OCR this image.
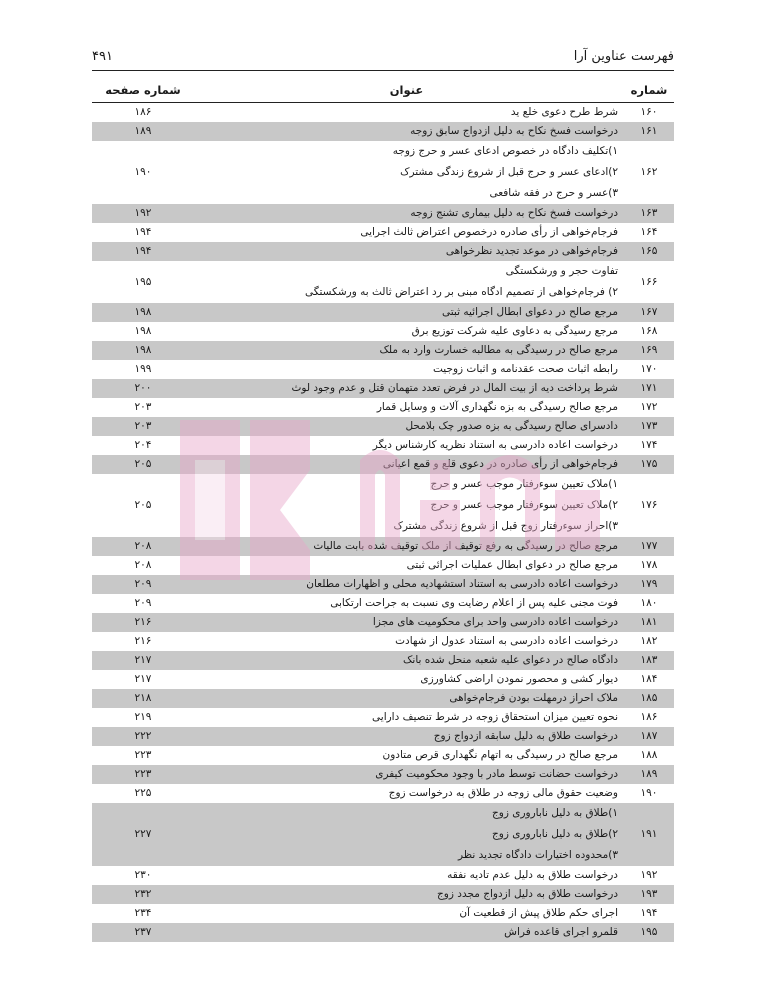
فهرست عناوین آرا
۴۹۱
شماره	عنوان	شماره صفحه
۱۶۰	شرط طرح دعوی خلع ید	۱۸۶
۱۶۱	درخواست فسخ نکاح به دلیل ازدواج سابق زوجه	۱۸۹
۱۶۲	۱)تکلیف دادگاه در خصوص ادعای عسر و حرج زوجه
۲)ادعای عسر و حرج قبل از شروع زندگی مشترک
۳)عسر و حرج در فقه شافعی	۱۹۰
۱۶۳	درخواست فسخ نکاح به دلیل بیماری تشنج زوجه	۱۹۲
۱۶۴	فرجام‌خواهی از رأی صادره درخصوص اعتراض ثالث اجرایی	۱۹۴
۱۶۵	فرجام‌خواهی در موعد تجدید نظرخواهی	۱۹۴
۱۶۶	تفاوت حجر و ورشکستگی
۲) فرجام‌خواهی از تصمیم ادگاه مبنی بر رد اعتراض ثالث به ورشکستگی	۱۹۵
۱۶۷	مرجع صالح در دعوای ابطال اجرائیه ثبتی	۱۹۸
۱۶۸	مرجع رسیدگی به دعاوی علیه شرکت توزیع برق	۱۹۸
۱۶۹	مرجع صالح در رسیدگی به مطالبه خسارت وارد به ملک	۱۹۸
۱۷۰	رابطه اثبات صحت عقدنامه و اثبات زوجیت	۱۹۹
۱۷۱	شرط پرداخت دیه از بیت المال در فرض تعدد متهمان قتل و عدم وجود لوث	۲۰۰
۱۷۲	مرجع صالح رسیدگی به بزه نگهداری آلات و وسایل قمار	۲۰۳
۱۷۳	دادسرای صالح رسیدگی به بزه صدور چک بلامحل	۲۰۳
۱۷۴	درخواست اعاده دادرسی به استناد نظریه کارشناس دیگر	۲۰۴
۱۷۵	فرجام‌خواهی از رأی صادره در دعوی قلع و قمع اعیانی	۲۰۵
۱۷۶	۱)ملاک تعیین سوءرفتار موجب عسر و حرج
۲)ملاک تعیین سوءرفتار موجب عسر و حرج
۳)احراز سوءرفتار زوج قبل از شروع زندگی مشترک	۲۰۵
۱۷۷	مرجع صالح در رسیدگی به رفع توقیف از ملک توقیف شده بابت مالیات	۲۰۸
۱۷۸	مرجع صالح در دعوای ابطال عملیات اجرائی ثبتی	۲۰۸
۱۷۹	درخواست اعاده دادرسی به استناد استشهادیه محلی و اظهارات مطلعان	۲۰۹
۱۸۰	فوت مجنی علیه پس از اعلام رضایت وی نسبت به جراحت ارتکابی	۲۰۹
۱۸۱	درخواست اعاده دادرسی واحد برای محکومیت های مجزا	۲۱۶
۱۸۲	درخواست اعاده دادرسی به استناد عدول از شهادت	۲۱۶
۱۸۳	دادگاه صالح در دعوای علیه شعبه منحل شده بانک	۲۱۷
۱۸۴	دیوار کشی و محصور نمودن اراضی کشاورزی	۲۱۷
۱۸۵	ملاک احراز درمهلت بودن فرجام‌خواهی	۲۱۸
۱۸۶	نحوه تعیین میزان استحقاق زوجه در شرط تنصیف دارایی	۲۱۹
۱۸۷	درخواست طلاق به دلیل سابقه ازدواج زوج	۲۲۲
۱۸۸	مرجع صالح در رسیدگی به اتهام نگهداری قرص متادون	۲۲۳
۱۸۹	درخواست حضانت توسط مادر با وجود محکومیت کیفری	۲۲۳
۱۹۰	وضعیت حقوق مالی زوجه در طلاق به درخواست زوج	۲۲۵
۱۹۱	۱)طلاق به دلیل ناباروری زوج
۲)طلاق به دلیل ناباروری زوج
۳)محدوده اختیارات دادگاه تجدید نظر	۲۲۷
۱۹۲	درخواست طلاق به دلیل عدم تادیه نفقه	۲۳۰
۱۹۳	درخواست طلاق به دلیل ازدواج مجدد زوج	۲۳۲
۱۹۴	اجرای حکم طلاق پیش از قطعیت آن	۲۳۴
۱۹۵	قلمرو اجرای قاعده فراش	۲۳۷
